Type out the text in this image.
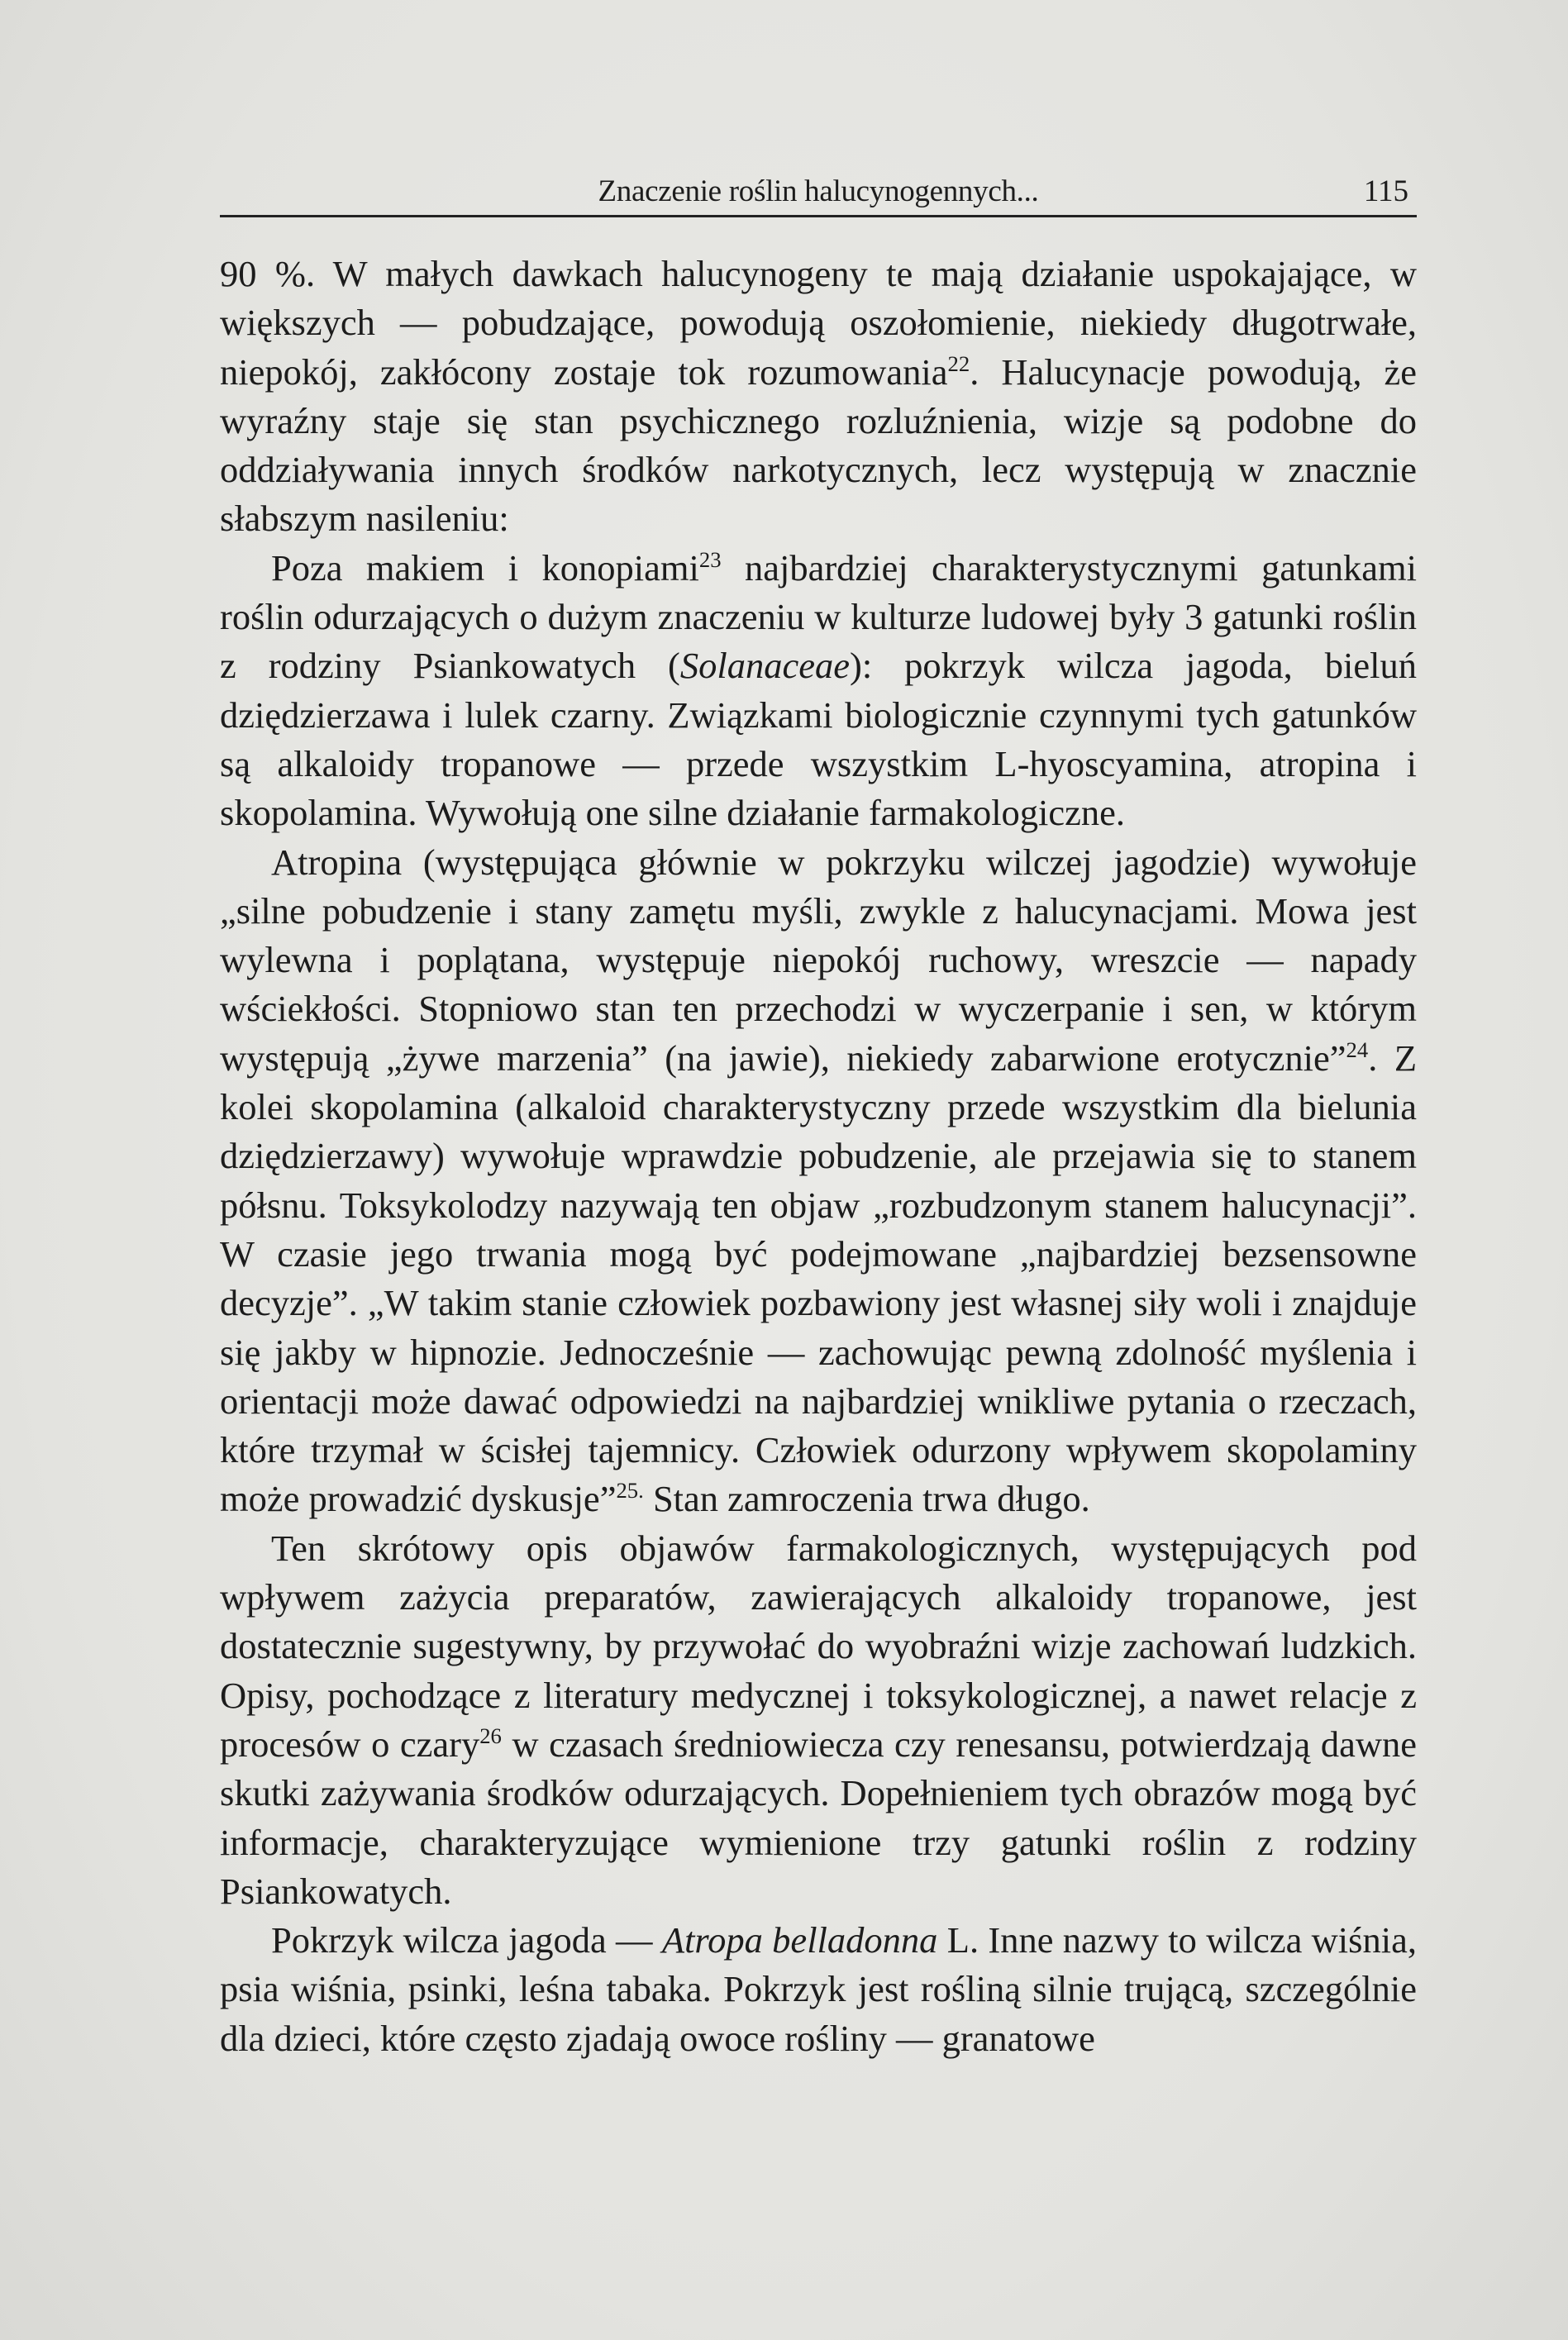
Znaczenie roślin halucynogennych...	115

90 %. W małych dawkach halucynogeny te mają działanie uspokajające, w większych — pobudzające, powodują oszołomienie, niekiedy długotrwałe, niepokój, zakłócony zostaje tok rozumowania$^{22}$. Halucynacje powodują, że wyraźny staje się stan psychicznego rozluźnienia, wizje są podobne do oddziaływania innych środków narkotycznych, lecz występują w znacznie słabszym nasileniu:

Poza makiem i konopiami$^{23}$ najbardziej charakterystycznymi gatunkami roślin odurzających o dużym znaczeniu w kulturze ludowej były 3 gatunki roślin z rodziny Psiankowatych (Solanaceae): pokrzyk wilcza jagoda, bieluń dziędzierzawa i lulek czarny. Związkami biologicznie czynnymi tych gatunków są alkaloidy tropanowe — przede wszystkim L-hyoscyamina, atropina i skopolamina. Wywołują one silne działanie farmakologiczne.

Atropina (występująca głównie w pokrzyku wilczej jagodzie) wywołuje „silne pobudzenie i stany zamętu myśli, zwykle z halucynacjami. Mowa jest wylewna i poplątana, występuje niepokój ruchowy, wreszcie — napady wściekłości. Stopniowo stan ten przechodzi w wyczerpanie i sen, w którym występują „żywe marzenia” (na jawie), niekiedy zabarwione erotycznie”$^{24}$. Z kolei skopolamina (alkaloid charakterystyczny przede wszystkim dla bielunia dziędzierzawy) wywołuje wprawdzie pobudzenie, ale przejawia się to stanem półsnu. Toksykolodzy nazywają ten objaw „rozbudzonym stanem halucynacji”. W czasie jego trwania mogą być podejmowane „najbardziej bezsensowne decyzje”. „W takim stanie człowiek pozbawiony jest własnej siły woli i znajduje się jakby w hipnozie. Jednocześnie — zachowując pewną zdolność myślenia i orientacji może dawać odpowiedzi na najbardziej wnikliwe pytania o rzeczach, które trzymał w ścisłej tajemnicy. Człowiek odurzony wpływem skopolaminy może prowadzić dyskusje”$^{25.}$ Stan zamroczenia trwa długo.

Ten skrótowy opis objawów farmakologicznych, występujących pod wpływem zażycia preparatów, zawierających alkaloidy tropanowe, jest dostatecznie sugestywny, by przywołać do wyobraźni wizje zachowań ludzkich. Opisy, pochodzące z literatury medycznej i toksykologicznej, a nawet relacje z procesów o czary$^{26}$ w czasach średniowiecza czy renesansu, potwierdzają dawne skutki zażywania środków odurzających. Dopełnieniem tych obrazów mogą być informacje, charakteryzujące wymienione trzy gatunki roślin z rodziny Psiankowatych.

Pokrzyk wilcza jagoda — Atropa belladonna L. Inne nazwy to wilcza wiśnia, psia wiśnia, psinki, leśna tabaka. Pokrzyk jest rośliną silnie trującą, szczególnie dla dzieci, które często zjadają owoce rośliny — granatowe
